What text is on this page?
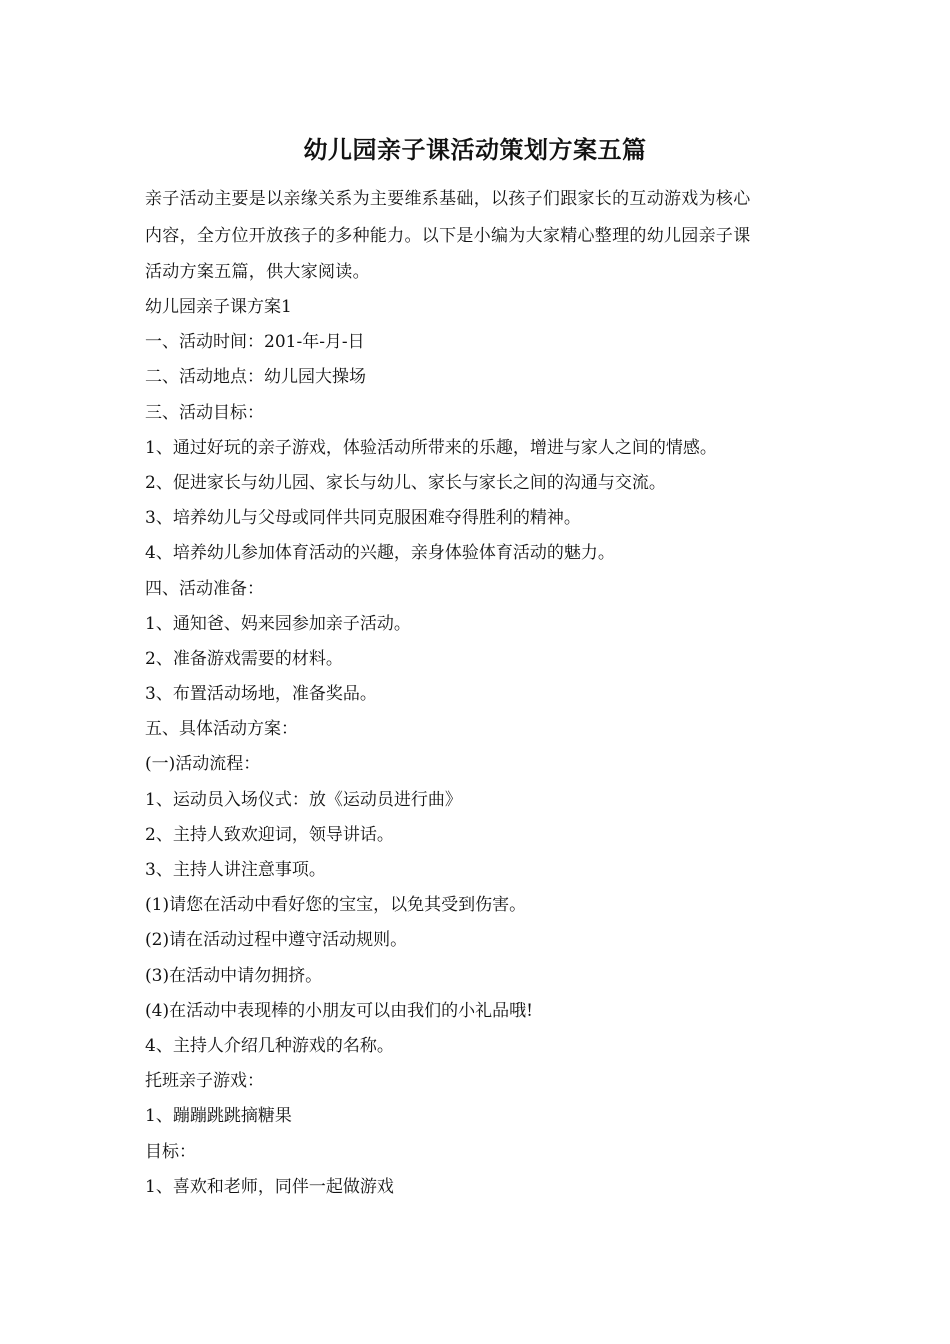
幼儿园亲子课活动策划方案五篇
亲子活动主要是以亲缘关系为主要维系基础，以孩子们跟家长的互动游戏为核心
内容，全方位开放孩子的多种能力。以下是小编为大家精心整理的幼儿园亲子课
活动方案五篇，供大家阅读。
幼儿园亲子课方案1
一、活动时间：201-年-月-日
二、活动地点：幼儿园大操场
三、活动目标：
1、通过好玩的亲子游戏，体验活动所带来的乐趣，增进与家人之间的情感。
2、促进家长与幼儿园、家长与幼儿、家长与家长之间的沟通与交流。
3、培养幼儿与父母或同伴共同克服困难夺得胜利的精神。
4、培养幼儿参加体育活动的兴趣，亲身体验体育活动的魅力。
四、活动准备：
1、通知爸、妈来园参加亲子活动。
2、准备游戏需要的材料。
3、布置活动场地，准备奖品。
五、具体活动方案：
(一)活动流程：
1、运动员入场仪式：放《运动员进行曲》
2、主持人致欢迎词，领导讲话。
3、主持人讲注意事项。
(1)请您在活动中看好您的宝宝，以免其受到伤害。
(2)请在活动过程中遵守活动规则。
(3)在活动中请勿拥挤。
(4)在活动中表现棒的小朋友可以由我们的小礼品哦!
4、主持人介绍几种游戏的名称。
托班亲子游戏：
1、蹦蹦跳跳摘糖果
目标：
1、喜欢和老师，同伴一起做游戏
